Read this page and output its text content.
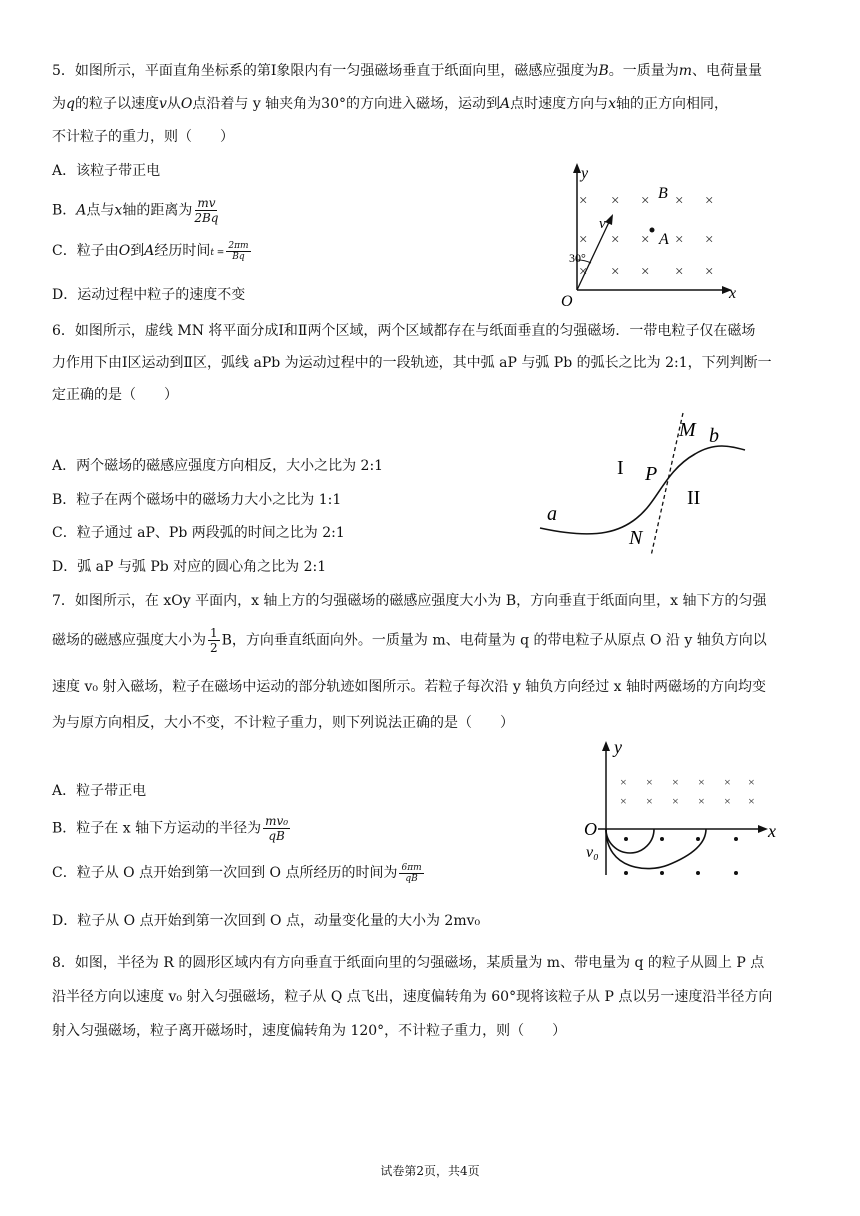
5．如图所示，平面直角坐标系的第Ⅰ象限内有一匀强磁场垂直于纸面向里，磁感应强度为B。一质量为m、电荷量量
为q的粒子以速度v从O点沿着与 y 轴夹角为30°的方向进入磁场，运动到A点时速度方向与x轴的正方向相同，
不计粒子的重力，则（　　）
A．该粒子带正电
B．A点与x轴的距离为 $\frac{mv}{2Bq}$
C．粒子由O到A经历时间$t = \frac{2\pi m}{Bq}$
D．运动过程中粒子的速度不变
y
x
O
× × × × ×
× × × × ×
× × × × ×
B
A
v
30°
6．如图所示，虚线 MN 将平面分成Ⅰ和Ⅱ两个区域，两个区域都存在与纸面垂直的匀强磁场．一带电粒子仅在磁场
力作用下由Ⅰ区运动到Ⅱ区，弧线 aPb 为运动过程中的一段轨迹，其中弧 aP 与弧 Pb 的弧长之比为 2:1，下列判断一
定正确的是（　　）
A．两个磁场的磁感应强度方向相反，大小之比为 2:1
B．粒子在两个磁场中的磁场力大小之比为 1:1
C．粒子通过 aP、Pb 两段弧的时间之比为 2:1
D．弧 aP 与弧 Pb 对应的圆心角之比为 2:1
M b
I P
II
a
N
7．如图所示，在 xOy 平面内，x 轴上方的匀强磁场的磁感应强度大小为 B，方向垂直于纸面向里，x 轴下方的匀强
磁场的磁感应强度大小为 $\frac{1}{2}$ B，方向垂直纸面向外。一质量为 m、电荷量为 q 的带电粒子从原点 O 沿 y 轴负方向以
速度 v₀ 射入磁场，粒子在磁场中运动的部分轨迹如图所示。若粒子每次沿 y 轴负方向经过 x 轴时两磁场的方向均变
为与原方向相反，大小不变，不计粒子重力，则下列说法正确的是（　　）
A．粒子带正电
B．粒子在 x 轴下方运动的半径为 $\frac{\text{mv₀}}{qB}$
C．粒子从 O 点开始到第一次回到 O 点所经历的时间为 $\frac{6\pi m}{qB}$
D．粒子从 O 点开始到第一次回到 O 点，动量变化量的大小为 2mv₀
y
x
O
v₀
× × × × × ×
× × × × × ×
8．如图，半径为 R 的圆形区域内有方向垂直于纸面向里的匀强磁场，某质量为 m、带电量为 q 的粒子从圆上 P 点
沿半径方向以速度 v₀ 射入匀强磁场，粒子从 Q 点飞出，速度偏转角为 60°现将该粒子从 P 点以另一速度沿半径方向
射入匀强磁场，粒子离开磁场时，速度偏转角为 120°，不计粒子重力，则（　　）
试卷第2页，共4页
